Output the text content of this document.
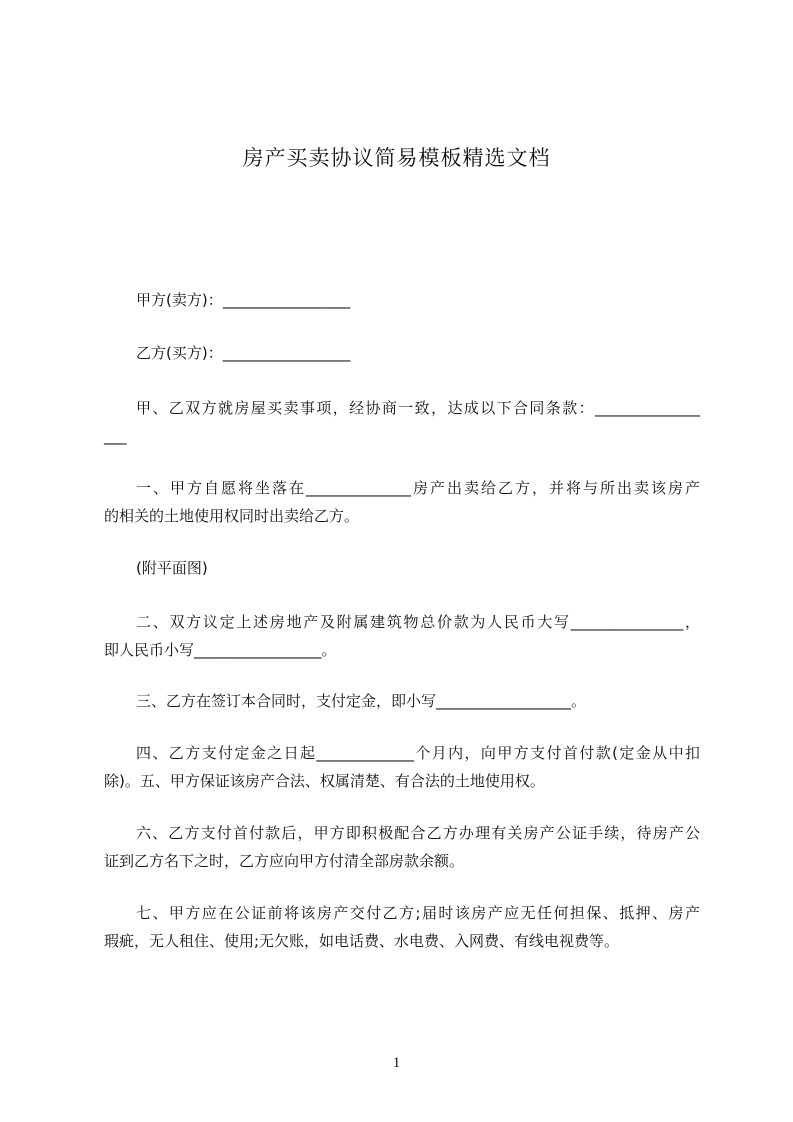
房产买卖协议简易模板精选文档
甲方(卖方)：_________________
乙方(买方)：_________________
甲、乙双方就房屋买卖事项，经协商一致，达成以下合同条款：______________
___
一、甲方自愿将坐落在______________房产出卖给乙方，并将与所出卖该房产
的相关的土地使用权同时出卖给乙方。
(附平面图)
二、双方议定上述房地产及附属建筑物总价款为人民币大写_______________，
即人民币小写_________________。
三、乙方在签订本合同时，支付定金，即小写__________________。
四、乙方支付定金之日起_____________个月内，向甲方支付首付款(定金从中扣
除)。五、甲方保证该房产合法、权属清楚、有合法的土地使用权。
六、乙方支付首付款后，甲方即积极配合乙方办理有关房产公证手续，待房产公
证到乙方名下之时，乙方应向甲方付清全部房款余额。
七、甲方应在公证前将该房产交付乙方;届时该房产应无任何担保、抵押、房产
瑕疵，无人租住、使用;无欠账，如电话费、水电费、入网费、有线电视费等。
1
